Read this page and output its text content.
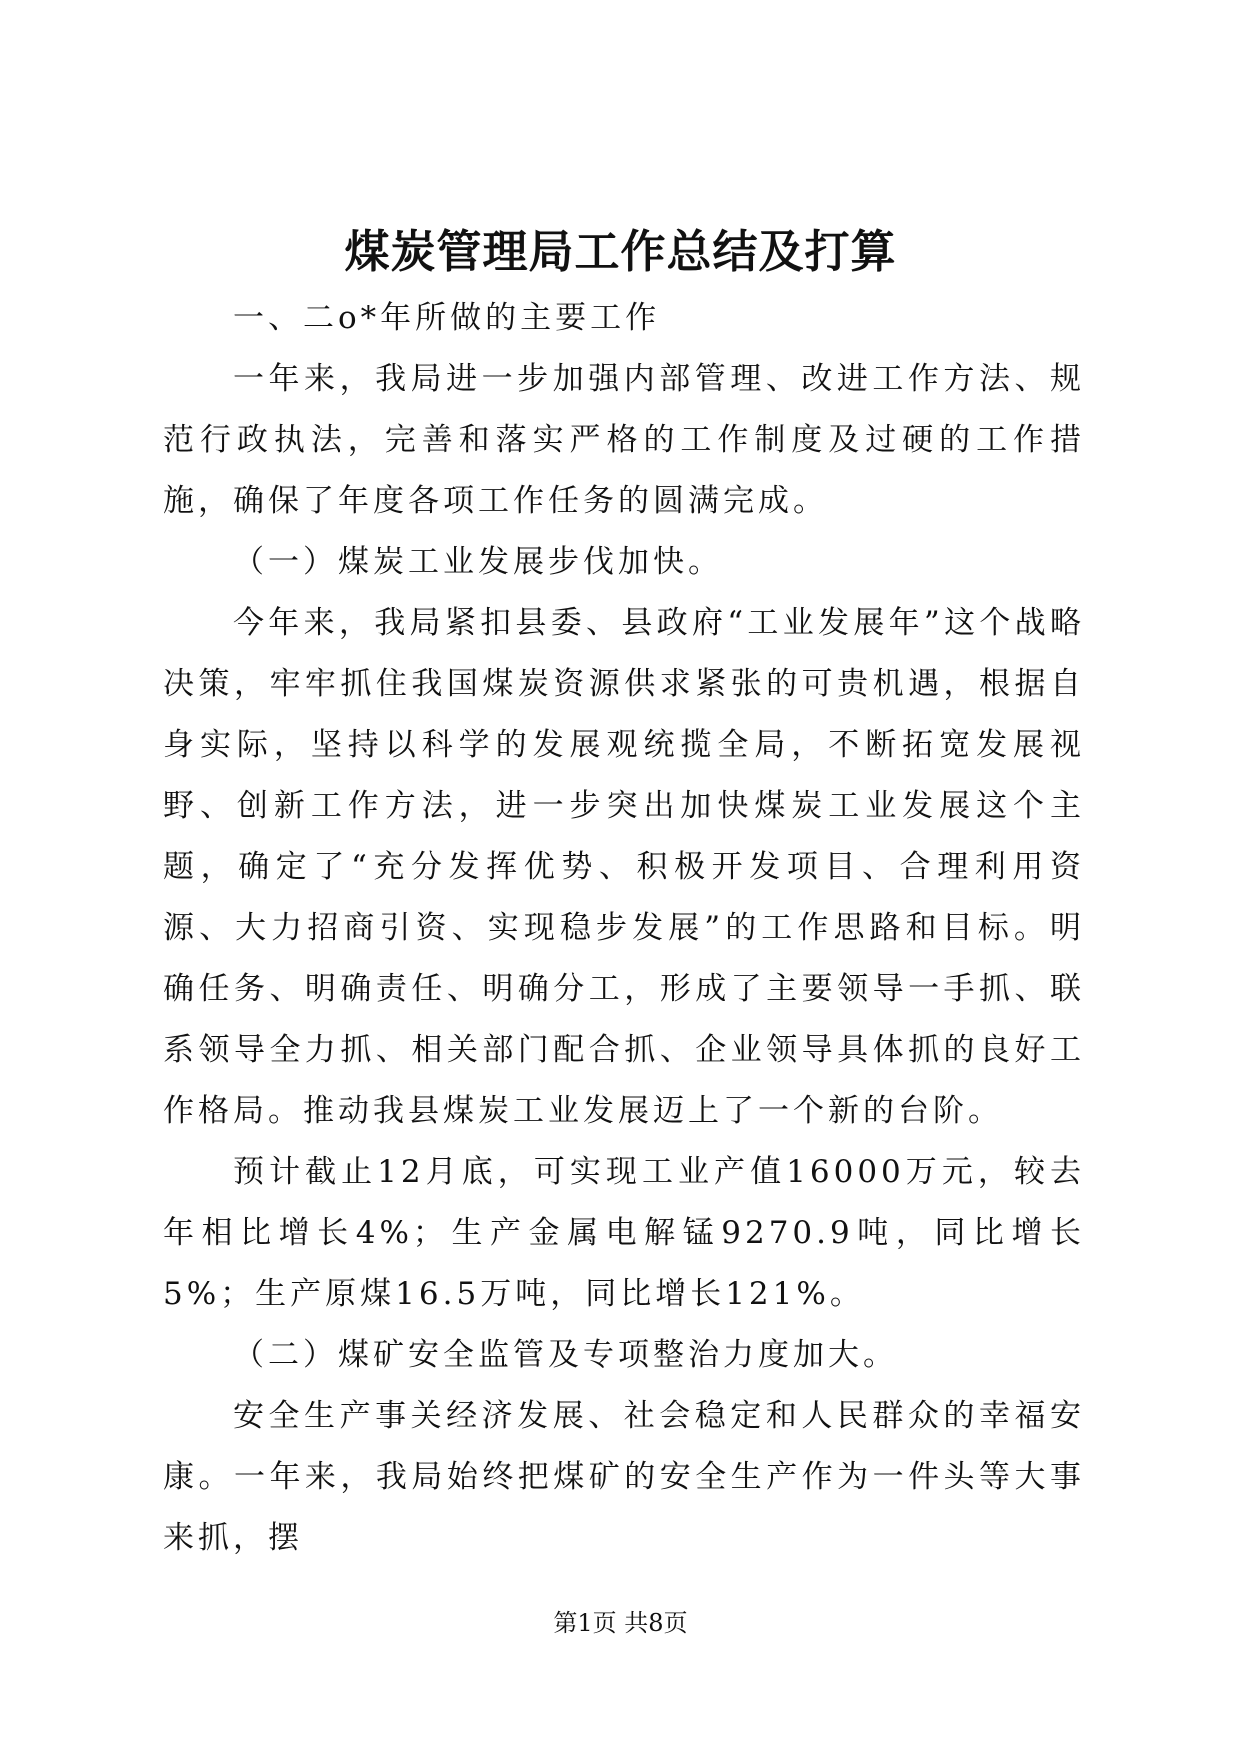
煤炭管理局工作总结及打算

一、二o*年所做的主要工作

一年来，我局进一步加强内部管理、改进工作方法、规范行政执法，完善和落实严格的工作制度及过硬的工作措施，确保了年度各项工作任务的圆满完成。

（一）煤炭工业发展步伐加快。

今年来，我局紧扣县委、县政府“工业发展年”这个战略决策，牢牢抓住我国煤炭资源供求紧张的可贵机遇，根据自身实际，坚持以科学的发展观统揽全局，不断拓宽发展视野、创新工作方法，进一步突出加快煤炭工业发展这个主题，确定了“充分发挥优势、积极开发项目、合理利用资源、大力招商引资、实现稳步发展”的工作思路和目标。明确任务、明确责任、明确分工，形成了主要领导一手抓、联系领导全力抓、相关部门配合抓、企业领导具体抓的良好工作格局。推动我县煤炭工业发展迈上了一个新的台阶。

预计截止12月底，可实现工业产值16000万元，较去年相比增长4%；生产金属电解锰9270.9吨，同比增长5%；生产原煤16.5万吨，同比增长121%。

（二）煤矿安全监管及专项整治力度加大。

安全生产事关经济发展、社会稳定和人民群众的幸福安康。一年来，我局始终把煤矿的安全生产作为一件头等大事来抓，摆

第1页 共8页
